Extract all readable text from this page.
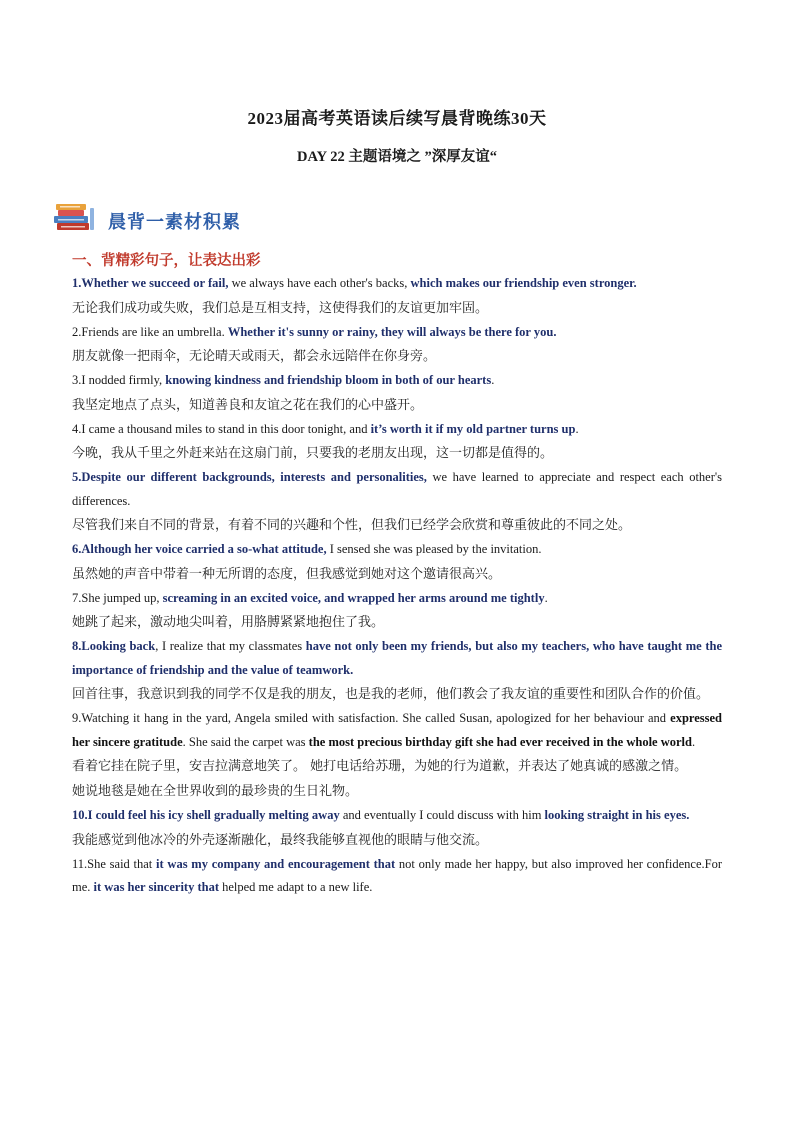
2023届高考英语读后续写晨背晚练30天
DAY 22 主题语境之 ”深厚友谊“
晨背一素材积累
一、背精彩句子，让表达出彩

1.Whether we succeed or fail, we always have each other's backs, which makes our friendship even stronger.

无论我们成功或失败，我们总是互相支持，这使得我们的友谊更加牢固。

2.Friends are like an umbrella. Whether it's sunny or rainy, they will always be there for you.

朋友就像一把雨伞，无论晴天或雨天，都会永远陪伴在你身旁。

3.I nodded firmly, knowing kindness and friendship bloom in both of our hearts.

我坚定地点了点头，知道善良和友谊之花在我们的心中盛开。

4.I came a thousand miles to stand in this door tonight, and it’s worth it if my old partner turns up.

今晚，我从千里之外赶来站在这扇门前，只要我的老朋友出现，这一切都是值得的。

5.Despite our different backgrounds, interests and personalities, we have learned to appreciate and respect each other's differences.

尽管我们来自不同的背景，有着不同的兴趣和个性，但我们已经学会欣赏和尊重彼此的不同之处。

6.Although her voice carried a so-what attitude, I sensed she was pleased by the invitation.

虽然她的声音中带着一种无所谓的态度，但我感觉到她对这个邀请很高兴。

7.She jumped up, screaming in an excited voice, and wrapped her arms around me tightly.

她跳了起来，激动地尖叫着，用胳膊紧紧地抱住了我。

8.Looking back, I realize that my classmates have not only been my friends, but also my teachers, who have taught me the importance of friendship and the value of teamwork.

回首往事，我意识到我的同学不仅是我的朋友，也是我的老师，他们教会了我友谊的重要性和团队合作的价值。

9.Watching it hang in the yard, Angela smiled with satisfaction. She called Susan, apologized for her behaviour and expressed her sincere gratitude. She said the carpet was the most precious birthday gift she had ever received in the whole world.

看着它挂在院子里，安吉拉满意地笑了。 她打电话给苏珊，为她的行为道歉，并表达了她真诚的感激之情。

她说地毯是她在全世界收到的最珍贵的生日礼物。

10.I could feel his icy shell gradually melting away and eventually I could discuss with him looking straight in his eyes.

我能感觉到他冰冷的外壳逐渐融化，最终我能够直视他的眼睛与他交流。

11.She said that it was my company and encouragement that not only made her happy, but also improved her confidence.For me. it was her sincerity that helped me adapt to a new life.
